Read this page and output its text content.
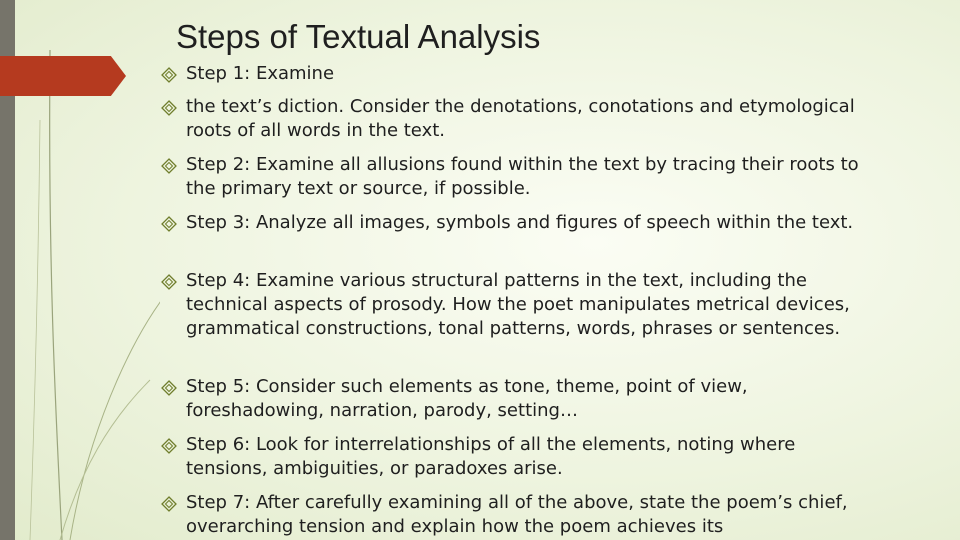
Steps of Textual Analysis
Step 1: Examine
the text’s diction. Consider the denotations, conotations and etymological roots of all words in the text.
Step 2: Examine all allusions found within the text by tracing their roots to the primary text or source, if possible.
Step 3: Analyze all images, symbols and figures of speech within the text.
Step 4: Examine various structural patterns in the text, including the technical aspects of prosody. How the poet manipulates metrical devices, grammatical constructions, tonal patterns, words, phrases or sentences.
Step 5: Consider such elements as tone, theme, point of view, foreshadowing, narration, parody, setting…
Step 6: Look for interrelationships of all the elements, noting where tensions, ambiguities, or paradoxes arise.
Step 7: After carefully examining all of the above, state the poem’s chief, overarching tension and explain how the poem achieves its
